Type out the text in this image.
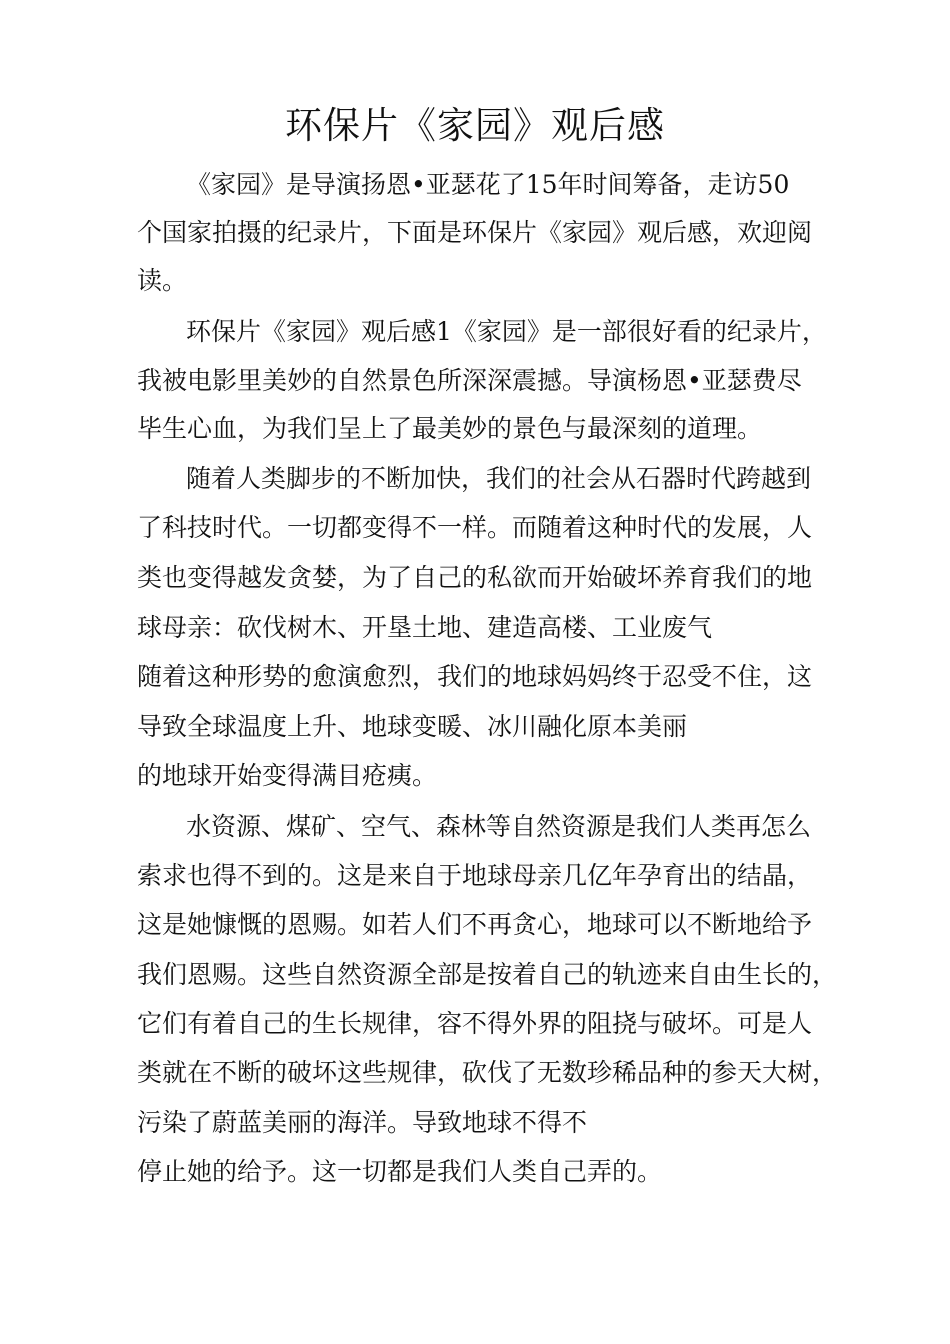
环保片《家园》观后感
《家园》是导演扬恩•亚瑟花了15年时间筹备，走访50
个国家拍摄的纪录片，下面是环保片《家园》观后感，欢迎阅
读。
环保片《家园》观后感1《家园》是一部很好看的纪录片，
我被电影里美妙的自然景色所深深震撼。导演杨恩•亚瑟费尽
毕生心血，为我们呈上了最美妙的景色与最深刻的道理。
随着人类脚步的不断加快，我们的社会从石器时代跨越到
了科技时代。一切都变得不一样。而随着这种时代的发展，人
类也变得越发贪婪，为了自己的私欲而开始破坏养育我们的地
球母亲：砍伐树木、开垦土地、建造高楼、工业废气
随着这种形势的愈演愈烈，我们的地球妈妈终于忍受不住，这
导致全球温度上升、地球变暖、冰川融化原本美丽
的地球开始变得满目疮痍。
水资源、煤矿、空气、森林等自然资源是我们人类再怎么
索求也得不到的。这是来自于地球母亲几亿年孕育出的结晶，
这是她慷慨的恩赐。如若人们不再贪心，地球可以不断地给予
我们恩赐。这些自然资源全部是按着自己的轨迹来自由生长的，
它们有着自己的生长规律，容不得外界的阻挠与破坏。可是人
类就在不断的破坏这些规律，砍伐了无数珍稀品种的参天大树，
污染了蔚蓝美丽的海洋。导致地球不得不
停止她的给予。这一切都是我们人类自己弄的。
